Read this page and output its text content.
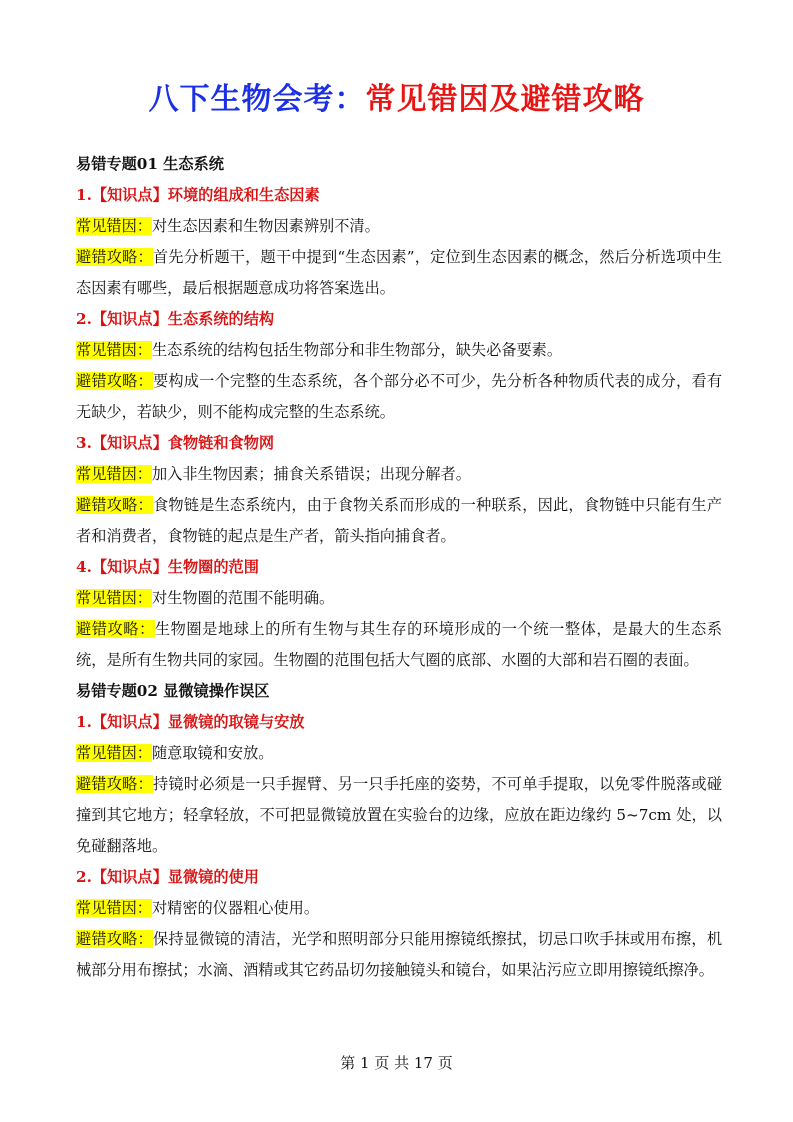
八下生物会考：常见错因及避错攻略
易错专题01 生态系统
1.【知识点】环境的组成和生态因素
常见错因：对生态因素和生物因素辨别不清。
避错攻略：首先分析题干，题干中提到“生态因素”，定位到生态因素的概念，然后分析选项中生态因素有哪些，最后根据题意成功将答案选出。
2.【知识点】生态系统的结构
常见错因：生态系统的结构包括生物部分和非生物部分，缺失必备要素。
避错攻略：要构成一个完整的生态系统，各个部分必不可少，先分析各种物质代表的成分，看有无缺少，若缺少，则不能构成完整的生态系统。
3.【知识点】食物链和食物网
常见错因：加入非生物因素；捕食关系错误；出现分解者。
避错攻略：食物链是生态系统内，由于食物关系而形成的一种联系，因此，食物链中只能有生产者和消费者，食物链的起点是生产者，箭头指向捕食者。
4.【知识点】生物圈的范围
常见错因：对生物圈的范围不能明确。
避错攻略：生物圈是地球上的所有生物与其生存的环境形成的一个统一整体，是最大的生态系统，是所有生物共同的家园。生物圈的范围包括大气圈的底部、水圈的大部和岩石圈的表面。
易错专题02 显微镜操作误区
1.【知识点】显微镜的取镜与安放
常见错因：随意取镜和安放。
避错攻略：持镜时必须是一只手握臂、另一只手托座的姿势，不可单手提取，以免零件脱落或碰撞到其它地方；轻拿轻放，不可把显微镜放置在实验台的边缘，应放在距边缘约 5~7cm 处，以免碰翻落地。
2.【知识点】显微镜的使用
常见错因：对精密的仪器粗心使用。
避错攻略：保持显微镜的清洁，光学和照明部分只能用擦镜纸擦拭，切忌口吹手抹或用布擦，机械部分用布擦拭；水滴、酒精或其它药品切勿接触镜头和镜台，如果沾污应立即用擦镜纸擦净。
第 1 页 共 17 页
